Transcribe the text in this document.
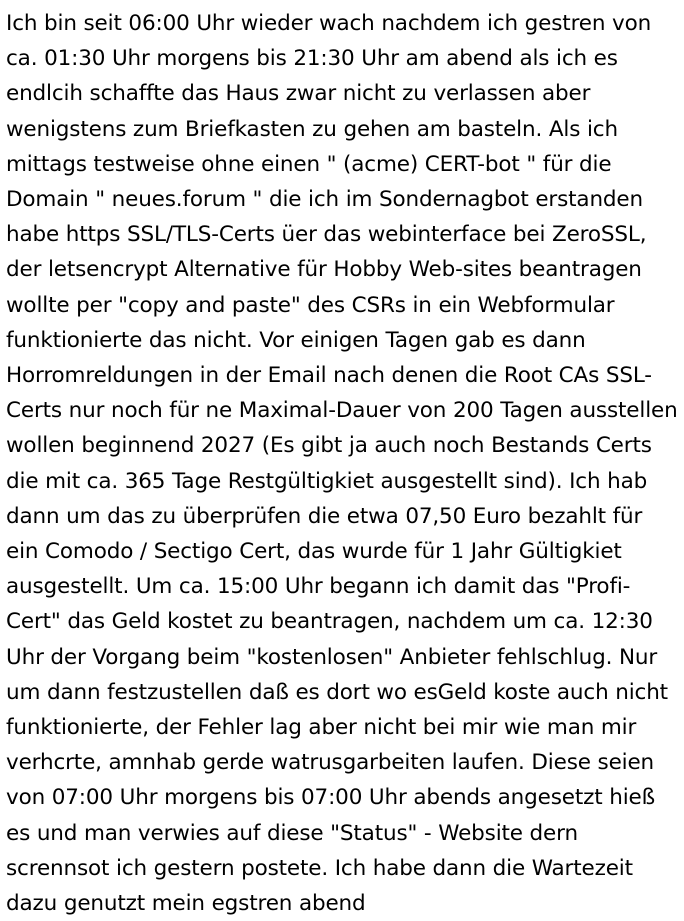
Ich bin seit 06:00 Uhr wieder wach nachdem ich gestren von ca. 01:30 Uhr morgens bis 21:30 Uhr am abend als ich es endlcih schaffte das Haus zwar nicht zu verlassen aber wenigstens zum Briefkasten zu gehen am basteln. Als ich mittags testweise ohne einen " (acme) CERT-bot " für die Domain " neues.forum " die ich im Sondernagbot erstanden habe https SSL/TLS-Certs üer das webinterface bei ZeroSSL, der letsencrypt Alternative für Hobby Web-sites beantragen wollte per "copy and paste" des CSRs in ein Webformular funktionierte das nicht. Vor einigen Tagen gab es dann Horromreldungen in der Email nach denen die Root CAs SSL-Certs nur noch für ne Maximal-Dauer von 200 Tagen ausstellen wollen beginnend 2027 (Es gibt ja auch noch Bestands Certs die mit ca. 365 Tage Restgültigkiet ausgestellt sind). Ich hab dann um das zu überprüfen die etwa 07,50 Euro bezahlt für ein Comodo / Sectigo Cert, das wurde für 1 Jahr Gültigkiet ausgestellt. Um ca. 15:00 Uhr begann ich damit das "Profi-Cert" das Geld kostet zu beantragen, nachdem um ca. 12:30 Uhr der Vorgang beim "kostenlosen" Anbieter fehlschlug. Nur um dann festzustellen daß es dort wo esGeld koste auch nicht funktionierte, der Fehler lag aber nicht bei mir wie man mir verhcrte, amnhab gerde watrusgarbeiten laufen. Diese seien von 07:00 Uhr morgens bis 07:00 Uhr abends angesetzt hieß es und man verwies auf diese "Status" - Website dern scrennsot ich gestern postete. Ich habe dann die Wartezeit dazu genutzt mein egstren abend
